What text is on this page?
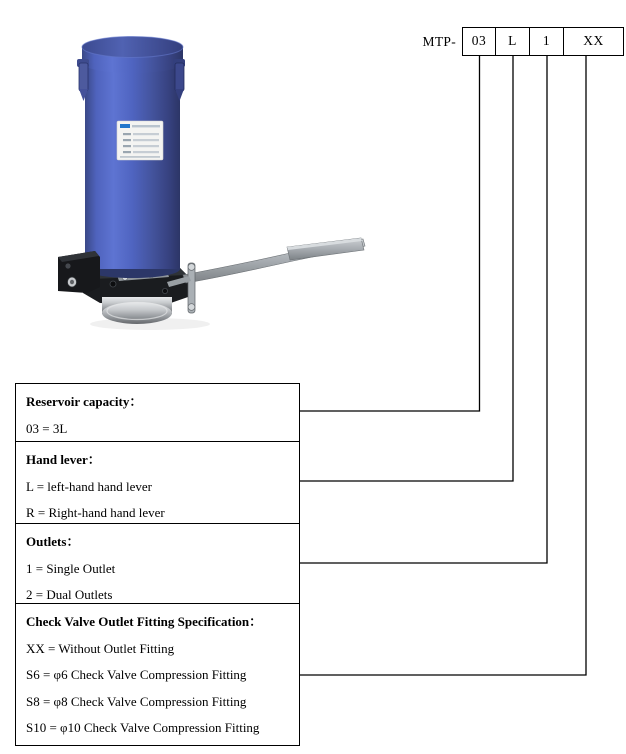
MTP-	03	L	1	XX

Reservoir capacity：

03 = 3L

Hand lever：

L = left-hand hand lever

R = Right-hand hand lever

Outlets：

1 = Single Outlet

2 = Dual Outlets

Check Valve Outlet Fitting Specification：

XX = Without Outlet Fitting

S6 = φ6 Check Valve Compression Fitting

S8 = φ8 Check Valve Compression Fitting

S10 = φ10 Check Valve Compression Fitting
